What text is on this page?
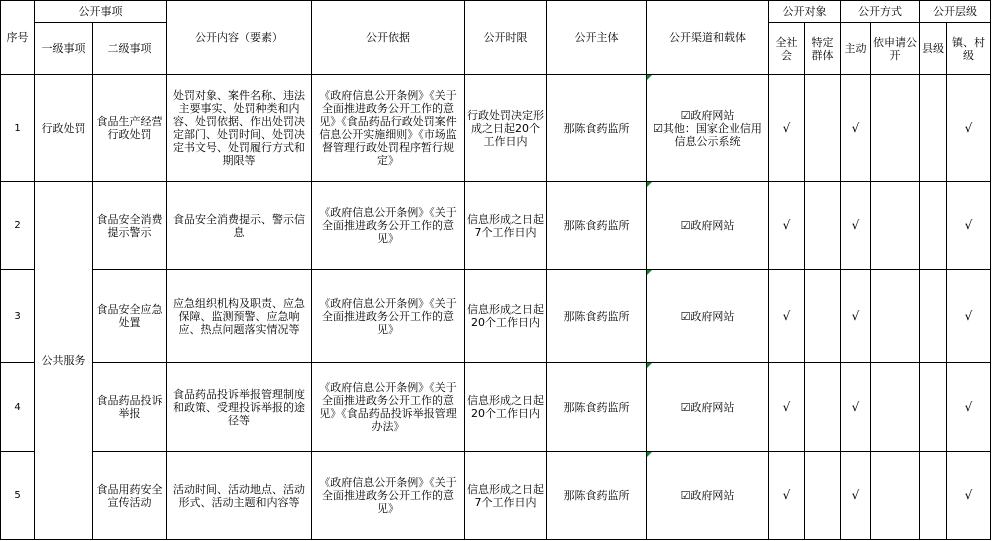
序号	公开事项		公开内容（要素）	公开依据	公开时限	公开主体	公开渠道和载体	公开对象		公开方式		公开层级	
	一级事项	二级事项						全社会	特定群体	主动	依申请公开	县级	镇、村级
1	行政处罚	食品生产经营行政处罚	处罚对象、案件名称、违法主要事实、处罚种类和内容、处罚依据、作出处罚决定部门、处罚时间、处罚决定书文号、处罚履行方式和期限等	《政府信息公开条例》《关于全面推进政务公开工作的意见》《食品药品行政处罚案件信息公开实施细则》《市场监督管理行政处罚程序暂行规定》	行政处罚决定形成之日起20个工作日内	那陈食药监所	☑政府网站
☑其他：国家企业信用信息公示系统	√		√			√
2	公共服务	食品安全消费提示警示	食品安全消费提示、警示信息	《政府信息公开条例》《关于全面推进政务公开工作的意见》	信息形成之日起7个工作日内	那陈食药监所	☑政府网站	√		√			√
3		食品安全应急处置	应急组织机构及职责、应急保障、监测预警、应急响应、热点问题落实情况等	《政府信息公开条例》《关于全面推进政务公开工作的意见》	信息形成之日起20个工作日内	那陈食药监所	☑政府网站	√		√			√
4		食品药品投诉举报	食品药品投诉举报管理制度和政策、受理投诉举报的途径等	《政府信息公开条例》《关于全面推进政务公开工作的意见》《食品药品投诉举报管理办法》	信息形成之日起20个工作日内	那陈食药监所	☑政府网站	√		√			√
5		食品用药安全宣传活动	活动时间、活动地点、活动形式、活动主题和内容等	《政府信息公开条例》《关于全面推进政务公开工作的意见》	信息形成之日起7个工作日内	那陈食药监所	☑政府网站	√		√			√
